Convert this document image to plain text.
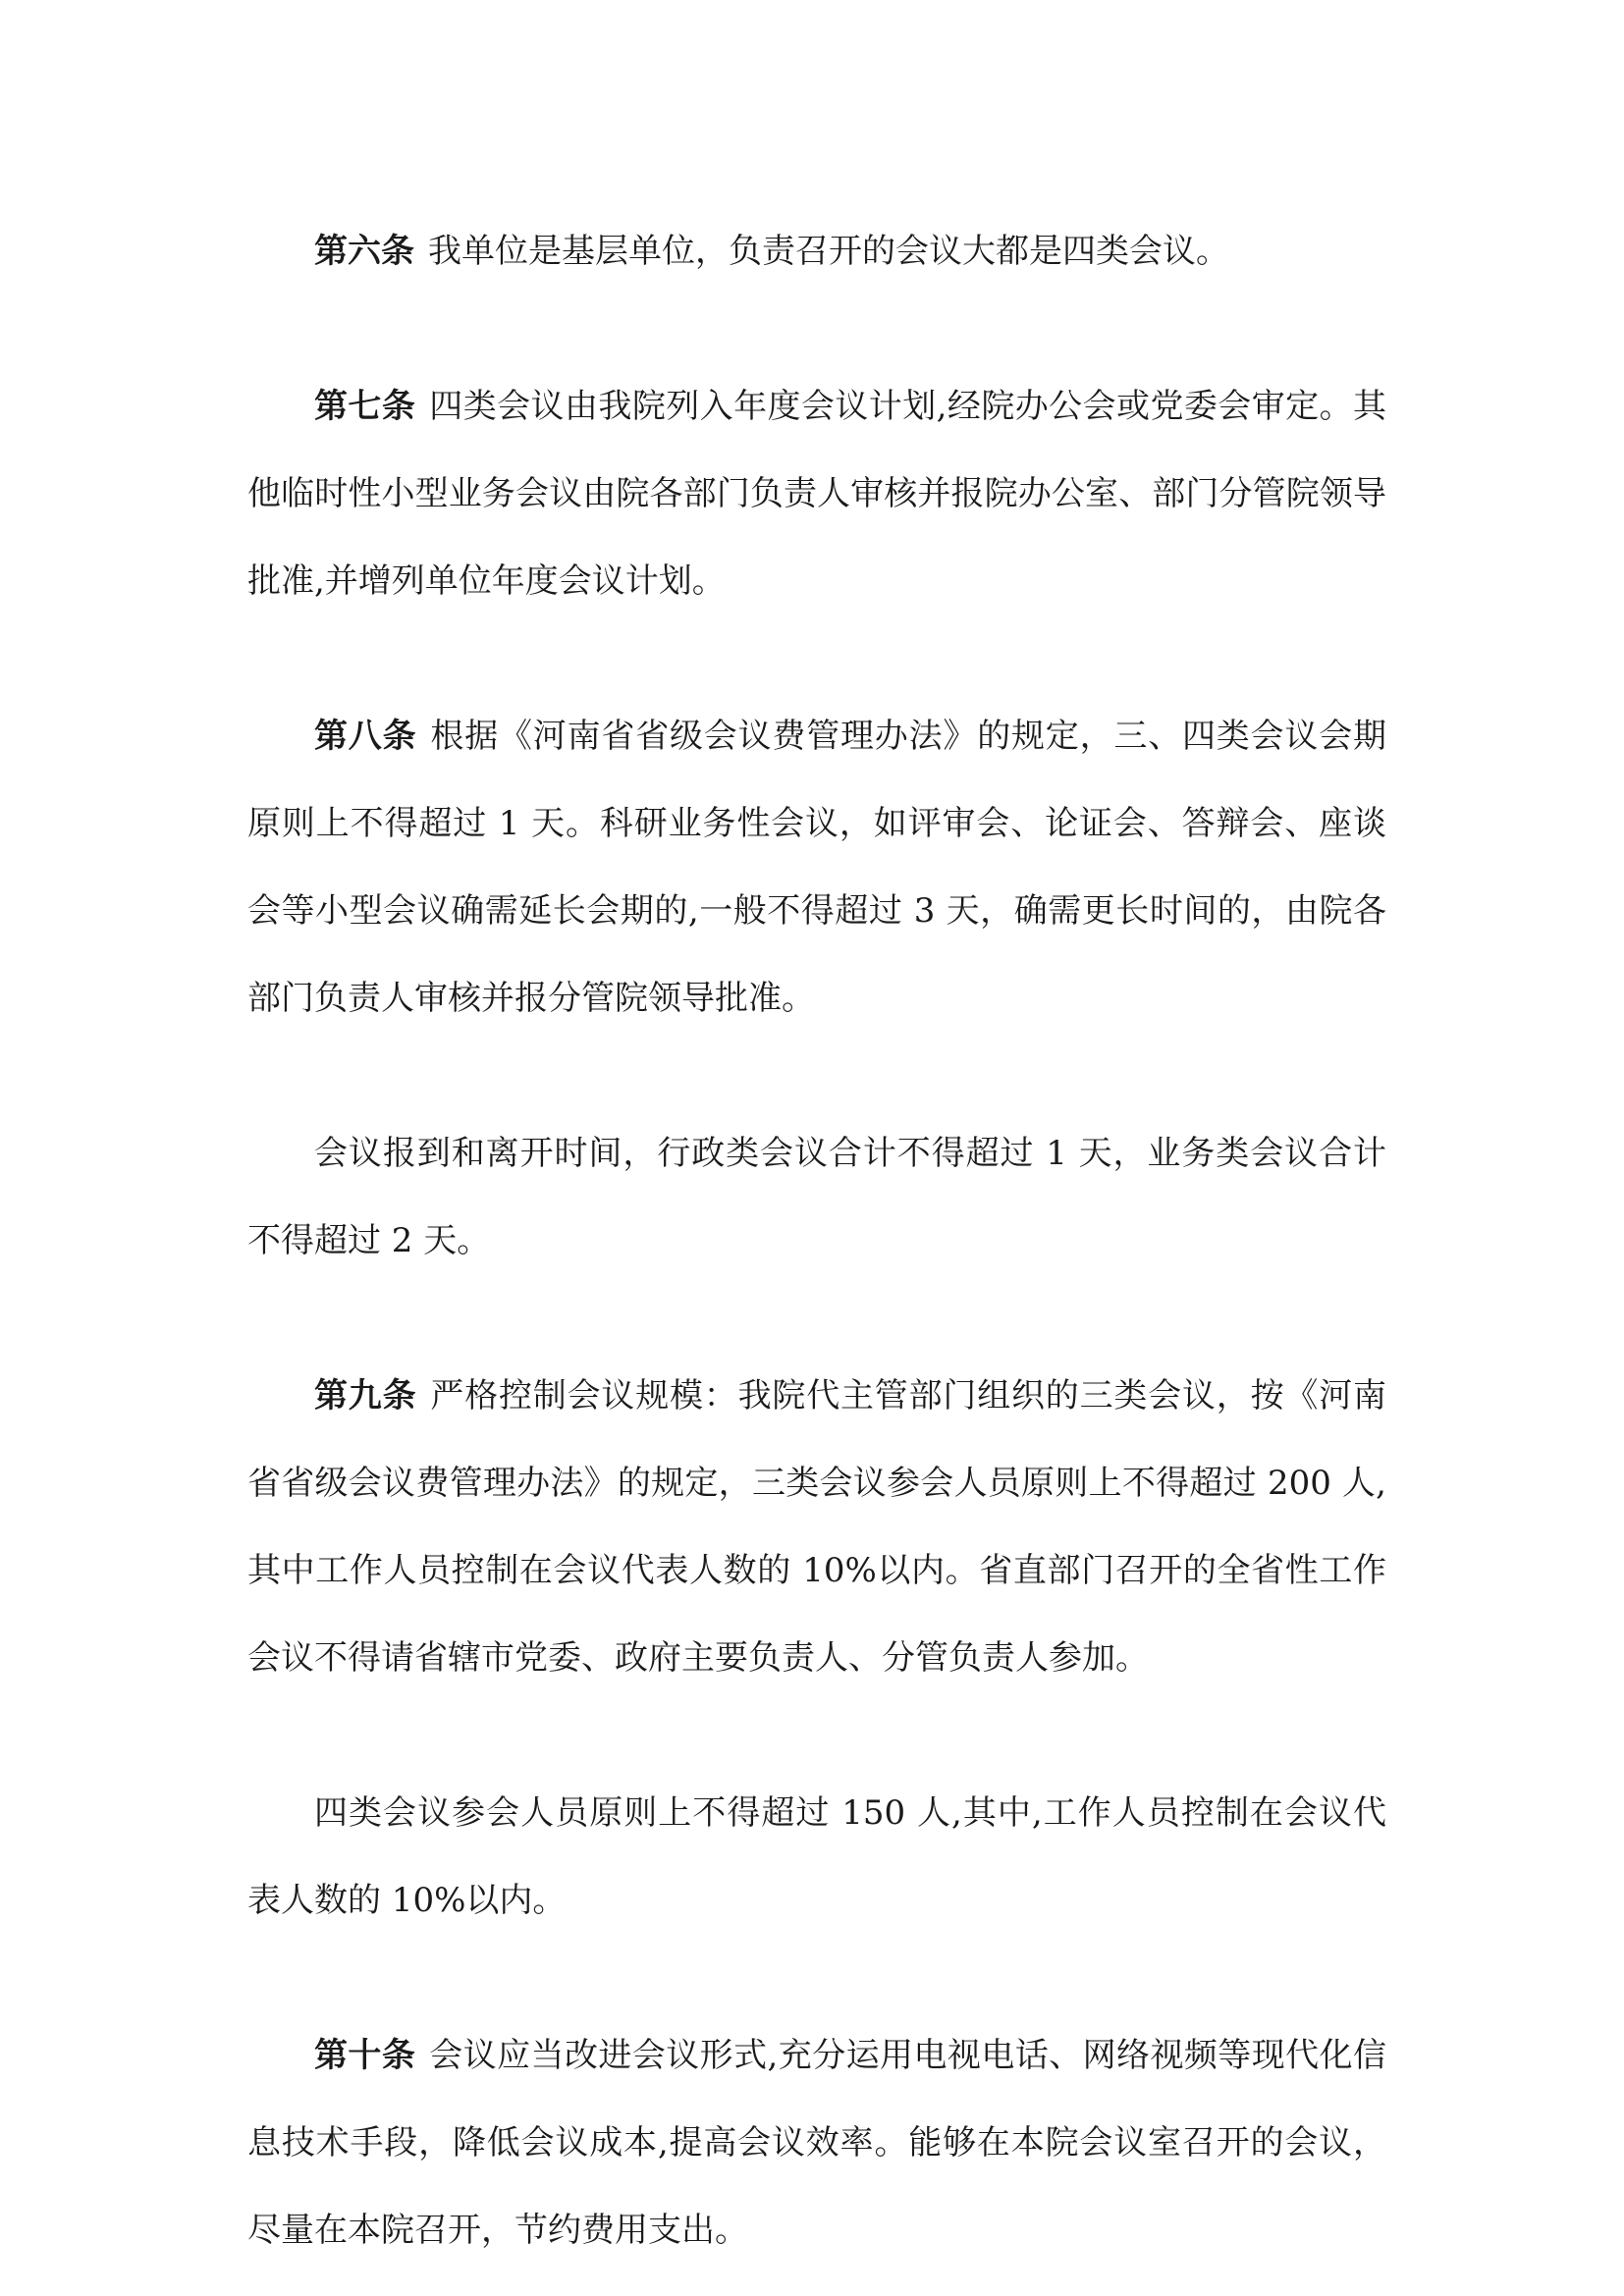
第六条 我单位是基层单位，负责召开的会议大都是四类会议。

第七条 四类会议由我院列入年度会议计划,经院办公会或党委会审定。其他临时性小型业务会议由院各部门负责人审核并报院办公室、部门分管院领导批准,并增列单位年度会议计划。

第八条 根据《河南省省级会议费管理办法》的规定，三、四类会议会期原则上不得超过 1 天。科研业务性会议，如评审会、论证会、答辩会、座谈会等小型会议确需延长会期的,一般不得超过 3 天，确需更长时间的，由院各部门负责人审核并报分管院领导批准。

会议报到和离开时间，行政类会议合计不得超过 1 天，业务类会议合计不得超过 2 天。

第九条 严格控制会议规模：我院代主管部门组织的三类会议，按《河南省省级会议费管理办法》的规定，三类会议参会人员原则上不得超过 200 人,其中工作人员控制在会议代表人数的 10%以内。省直部门召开的全省性工作会议不得请省辖市党委、政府主要负责人、分管负责人参加。

四类会议参会人员原则上不得超过 150 人,其中,工作人员控制在会议代表人数的 10%以内。

第十条 会议应当改进会议形式,充分运用电视电话、网络视频等现代化信息技术手段，降低会议成本,提高会议效率。能够在本院会议室召开的会议，尽量在本院召开，节约费用支出。
